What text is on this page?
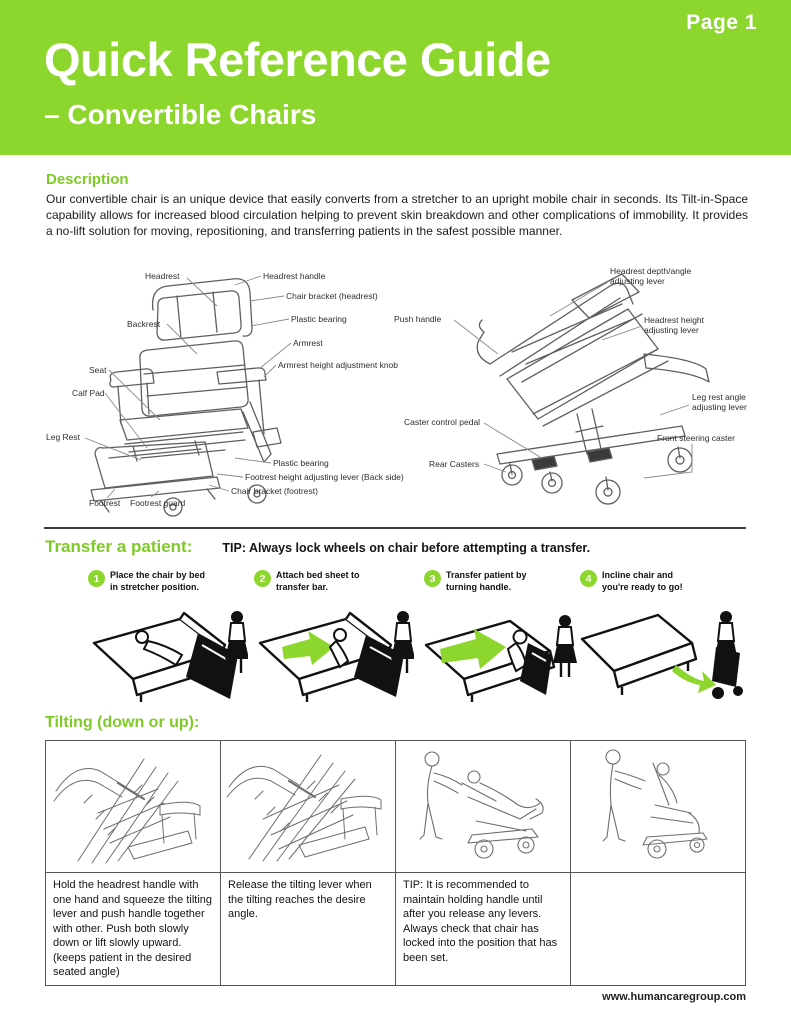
Page 1
Quick Reference Guide
– Convertible Chairs
Description
Our convertible chair is an unique device that easily converts from a stretcher to an upright mobile chair in seconds. Its Tilt-in-Space capability allows for increased blood circulation helping to prevent skin breakdown and other complications of immobility. It provides a no-lift solution for moving, repositioning, and transferring patients in the safest possible manner.
Headrest	Headrest handle
Chair bracket (headrest)
Plastic bearing
Backrest
Armrest
Armrest height adjustment knob
Seat
Calf Pad
Leg Rest
Plastic bearing
Footrest height adjusting lever (Back side)
Chair bracket (footrest)
Footrest Footrest guard
Headrest depth/angle adjusting lever
Push handle	Headrest height adjusting lever
Leg rest angle adjusting lever
Caster control pedal
Front steering caster
Rear Casters
Transfer a patient: TIP: Always lock wheels on chair before attempting a transfer.
1	Place the chair by bed in stretcher position.
2	Attach bed sheet to transfer bar.
3	Transfer patient by turning handle.
4	Incline chair and you're ready to go!
Tilting (down or up):

Hold the headrest handle with one hand and squeeze the tilting lever and push handle together with other. Push both slowly down or lift slowly upward. (keeps patient in the desired seated angle)	Release the tilting lever when the tilting reaches the desire angle.	TIP: It is recommended to maintain holding handle until after you release any levers. Always check that chair has locked into the position that has been set.	
www.humancaregroup.com
